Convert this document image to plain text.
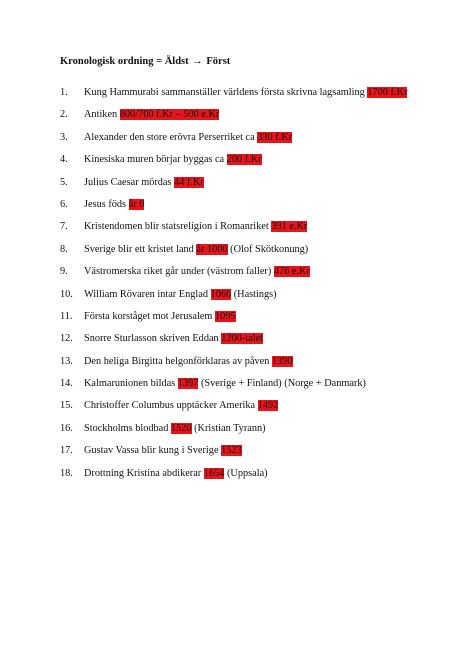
Kronologisk ordning = Äldst → Först
1. Kung Hammurabi sammanställer världens första skrivna lagsamling 1700 f.Kr
2. Antiken 800/700 f.Kr – 500 e.Kr
3. Alexander den store erövra Perserriket ca 330 f.Kr
4. Kinesiska muren börjar byggas ca 200 f.Kr
5. Julius Caesar mördas 44 f.Kr
6. Jesus föds år 0
7. Kristendomen blir statsreligion i Romanriket 391 e.Kr
8. Sverige blir ett kristet land år 1000 (Olof Skötkonung)
9. Västromerska riket går under (västrom faller) 476 e.Kr
10. William Rövaren intar Englad 1066 (Hastings)
11. Första korståget mot Jerusalem 1095
12. Snorre Sturlasson skriven Eddan 1200-talet
13. Den heliga Birgitta helgonförklaras av påven 1390
14. Kalmarunionen bildas 1397 (Sverige + Finland) (Norge + Danmark)
15. Christoffer Columbus upptäcker Amerika 1492
16. Stockholms blodbad 1520 (Kristian Tyrann)
17. Gustav Vassa blir kung i Sverige 1523
18. Drottning Kristina abdikerar 1654 (Uppsala)
